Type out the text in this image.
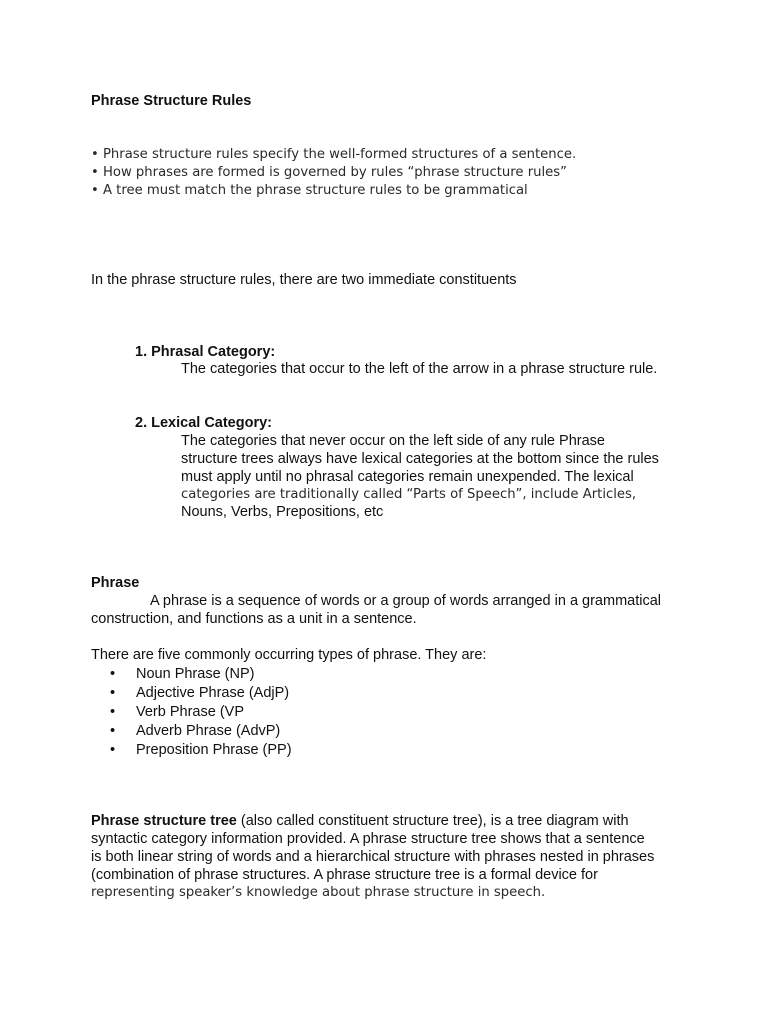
Phrase Structure Rules
• Phrase structure rules specify the well-formed structures of a sentence.
• How phrases are formed is governed by rules “phrase structure rules”
• A tree must match the phrase structure rules to be grammatical
In the phrase structure rules, there are two immediate constituents
1. Phrasal Category:
The categories that occur to the left of the arrow in a phrase structure rule.
2. Lexical Category:
The categories that never occur on the left side of any rule Phrase
structure trees always have lexical categories at the bottom since the rules
must apply until no phrasal categories remain unexpended. The lexical
categories are traditionally called “Parts of Speech”, include Articles,
Nouns, Verbs, Prepositions, etc
Phrase
A phrase is a sequence of words or a group of words arranged in a grammatical
construction, and functions as a unit in a sentence.
There are five commonly occurring types of phrase. They are:
• Noun Phrase (NP)
• Adjective Phrase (AdjP)
• Verb Phrase (VP
• Adverb Phrase (AdvP)
• Preposition Phrase (PP)
Phrase structure tree (also called constituent structure tree), is a tree diagram with
syntactic category information provided. A phrase structure tree shows that a sentence
is both linear string of words and a hierarchical structure with phrases nested in phrases
(combination of phrase structures. A phrase structure tree is a formal device for
representing speaker’s knowledge about phrase structure in speech.
